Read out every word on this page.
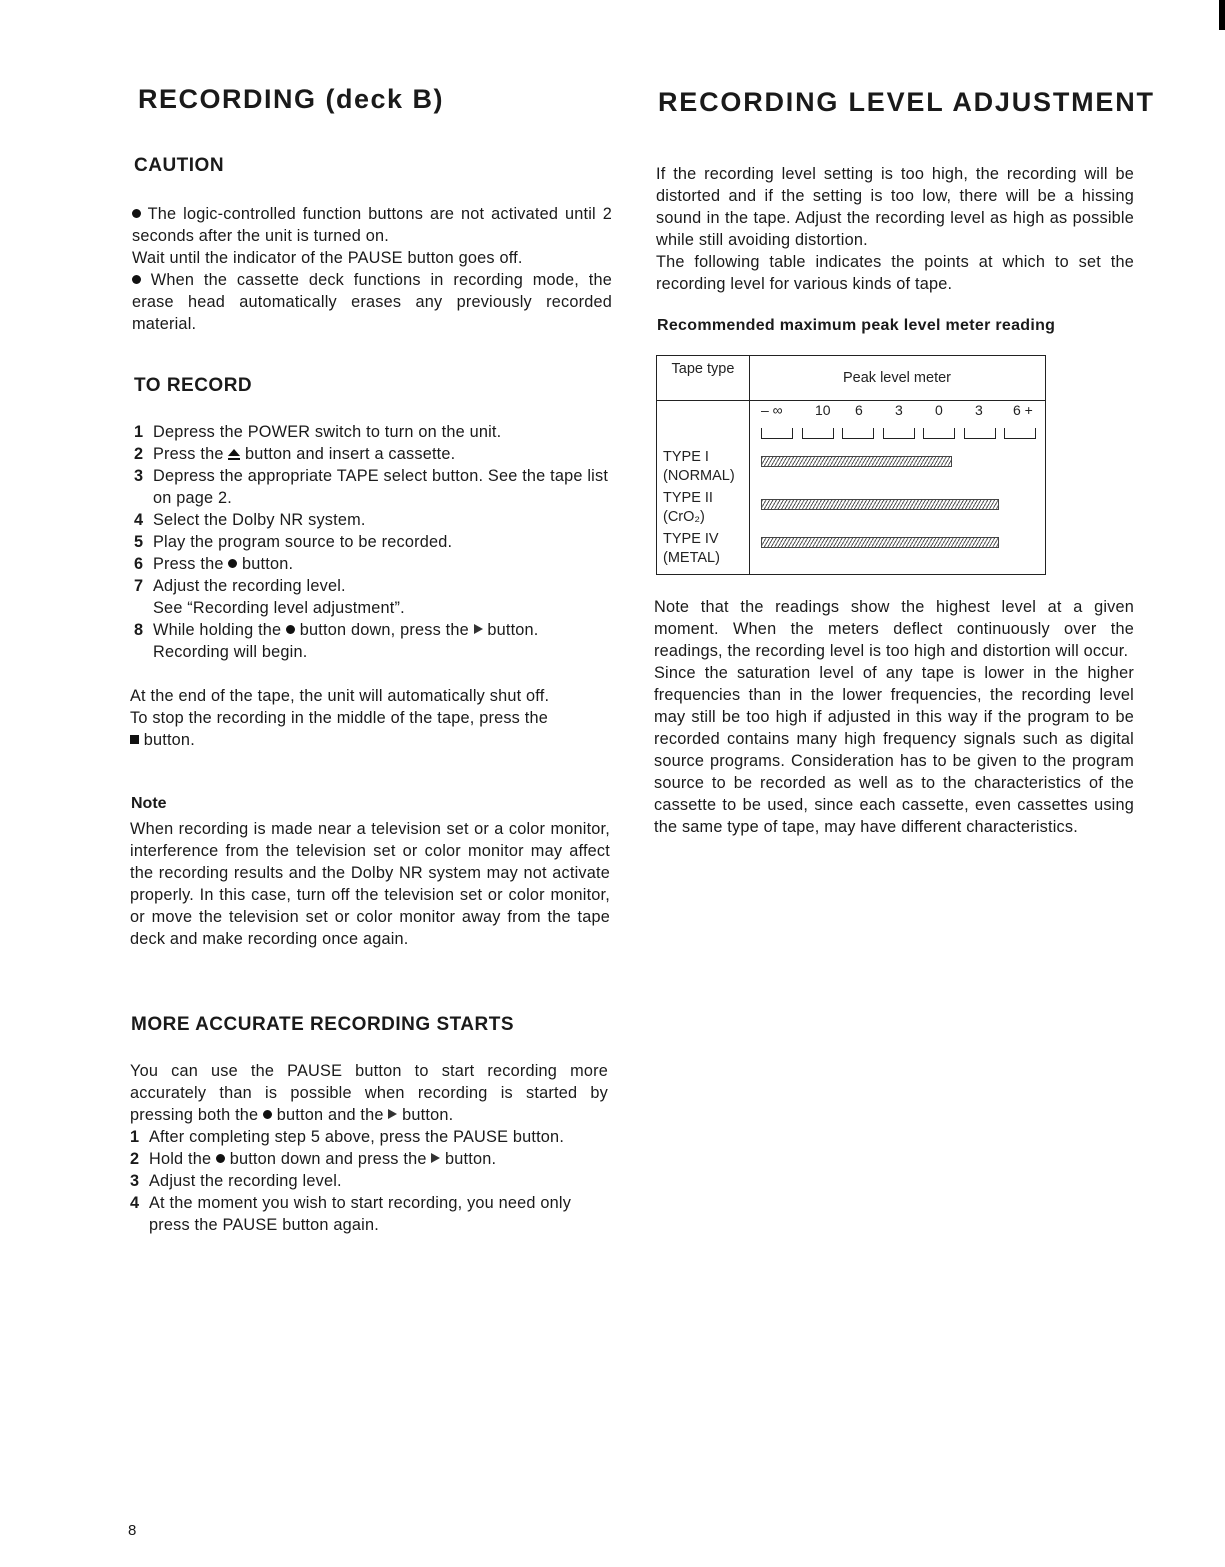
RECORDING (deck B)
CAUTION

The logic-controlled function buttons are not activated until 2 seconds after the unit is turned on.

Wait until the indicator of the PAUSE button goes off.

When the cassette deck functions in recording mode, the erase head automatically erases any previously recorded material.

TO RECORD
1 Depress the POWER switch to turn on the unit.
2 Press the  button and insert a cassette.
3 Depress the appropriate TAPE select button. See the tape list on page 2.
4 Select the Dolby NR system.
5 Play the program source to be recorded.
6 Press the  button.
7 Adjust the recording level.
See “Recording level adjustment”.
8 While holding the  button down, press the  button.
Recording will begin.

At the end of the tape, the unit will automatically shut off.

To stop the recording in the middle of the tape, press the
button.

Note
When recording is made near a television set or a color monitor, interference from the television set or color monitor may affect the recording results and the Dolby NR system may not activate properly. In this case, turn off the television set or color monitor, or move the television set or color monitor away from the tape deck and make recording once again.
MORE ACCURATE RECORDING STARTS
You can use the PAUSE button to start recording more accurately than is possible when recording is started by pressing both the  button and the  button.
1 After completing step 5 above, press the PAUSE button.
2 Hold the  button down and press the  button.
3 Adjust the recording level.
4 At the moment you wish to start recording, you need only press the PAUSE button again.
8
RECORDING LEVEL ADJUSTMENT

If the recording level setting is too high, the recording will be distorted and if the setting is too low, there will be a hissing sound in the tape. Adjust the recording level as high as possible while still avoiding distortion.

The following table indicates the points at which to set the recording level for various kinds of tape.

Recommended maximum peak level meter reading
Tape type
Peak level meter
– ∞ 10 6 3 0 3 6 +
TYPE I
(NORMAL)
TYPE II
(CrO₂)
TYPE IV
(METAL)

Note that the readings show the highest level at a given moment. When the meters deflect continuously over the readings, the recording level is too high and distortion will occur.

Since the saturation level of any tape is lower in the higher frequencies than in the lower frequencies, the recording level may still be too high if adjusted in this way if the program to be recorded contains many high frequency signals such as digital source programs. Consideration has to be given to the program source to be recorded as well as to the characteristics of the cassette to be used, since each cassette, even cassettes using the same type of tape, may have different characteristics.
